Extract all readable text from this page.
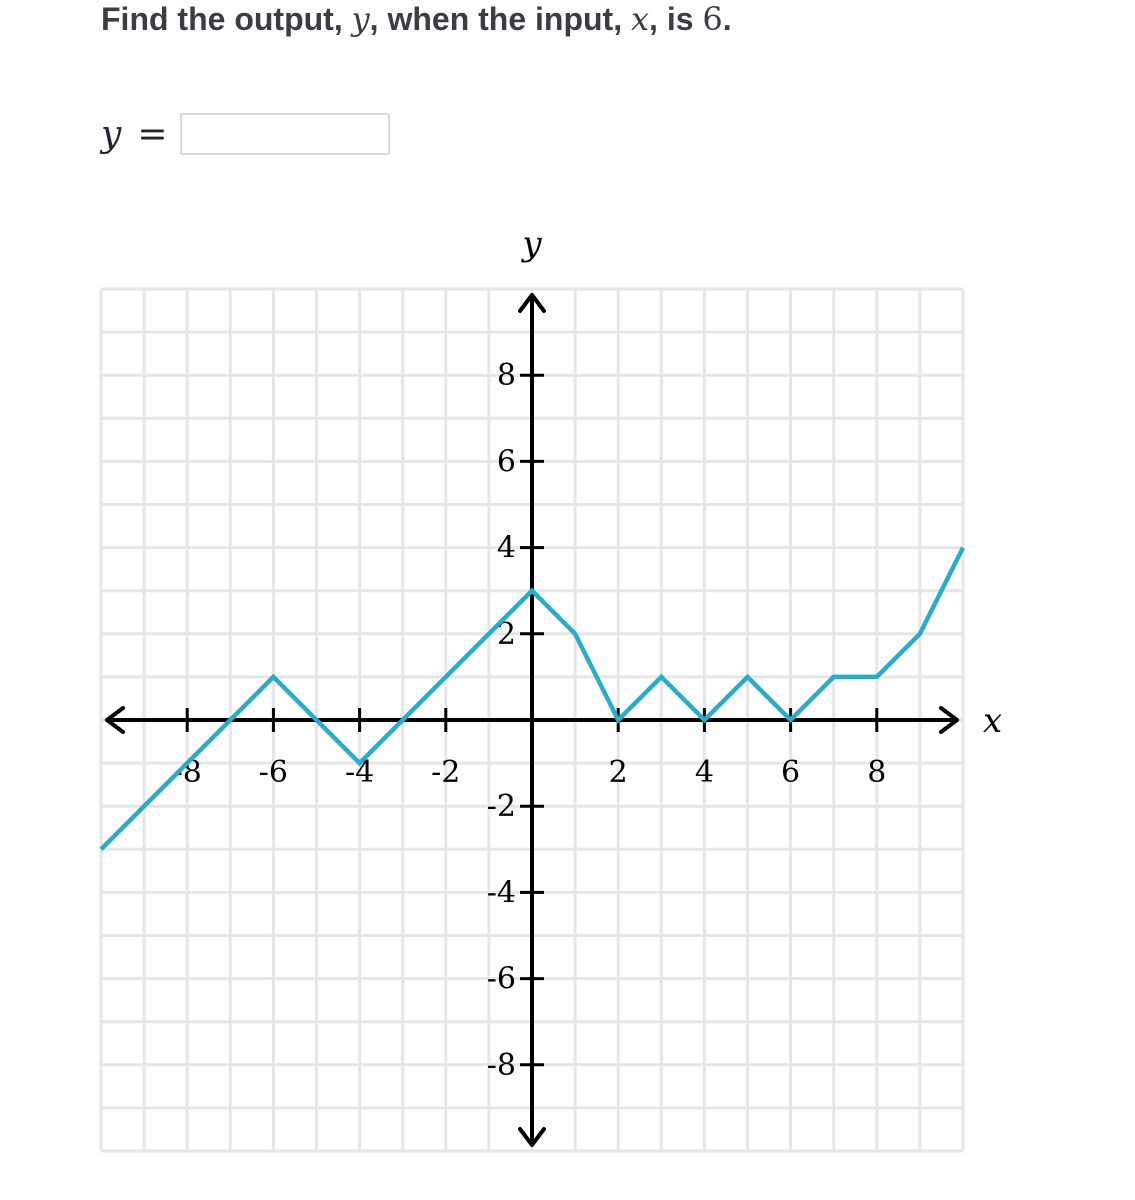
Find the output, y, when the input, x, is 6.
y =
-8 -6 -4 -2	2 4 6 8
8
6
4
2
-2
-4
-6
-8
x
y
